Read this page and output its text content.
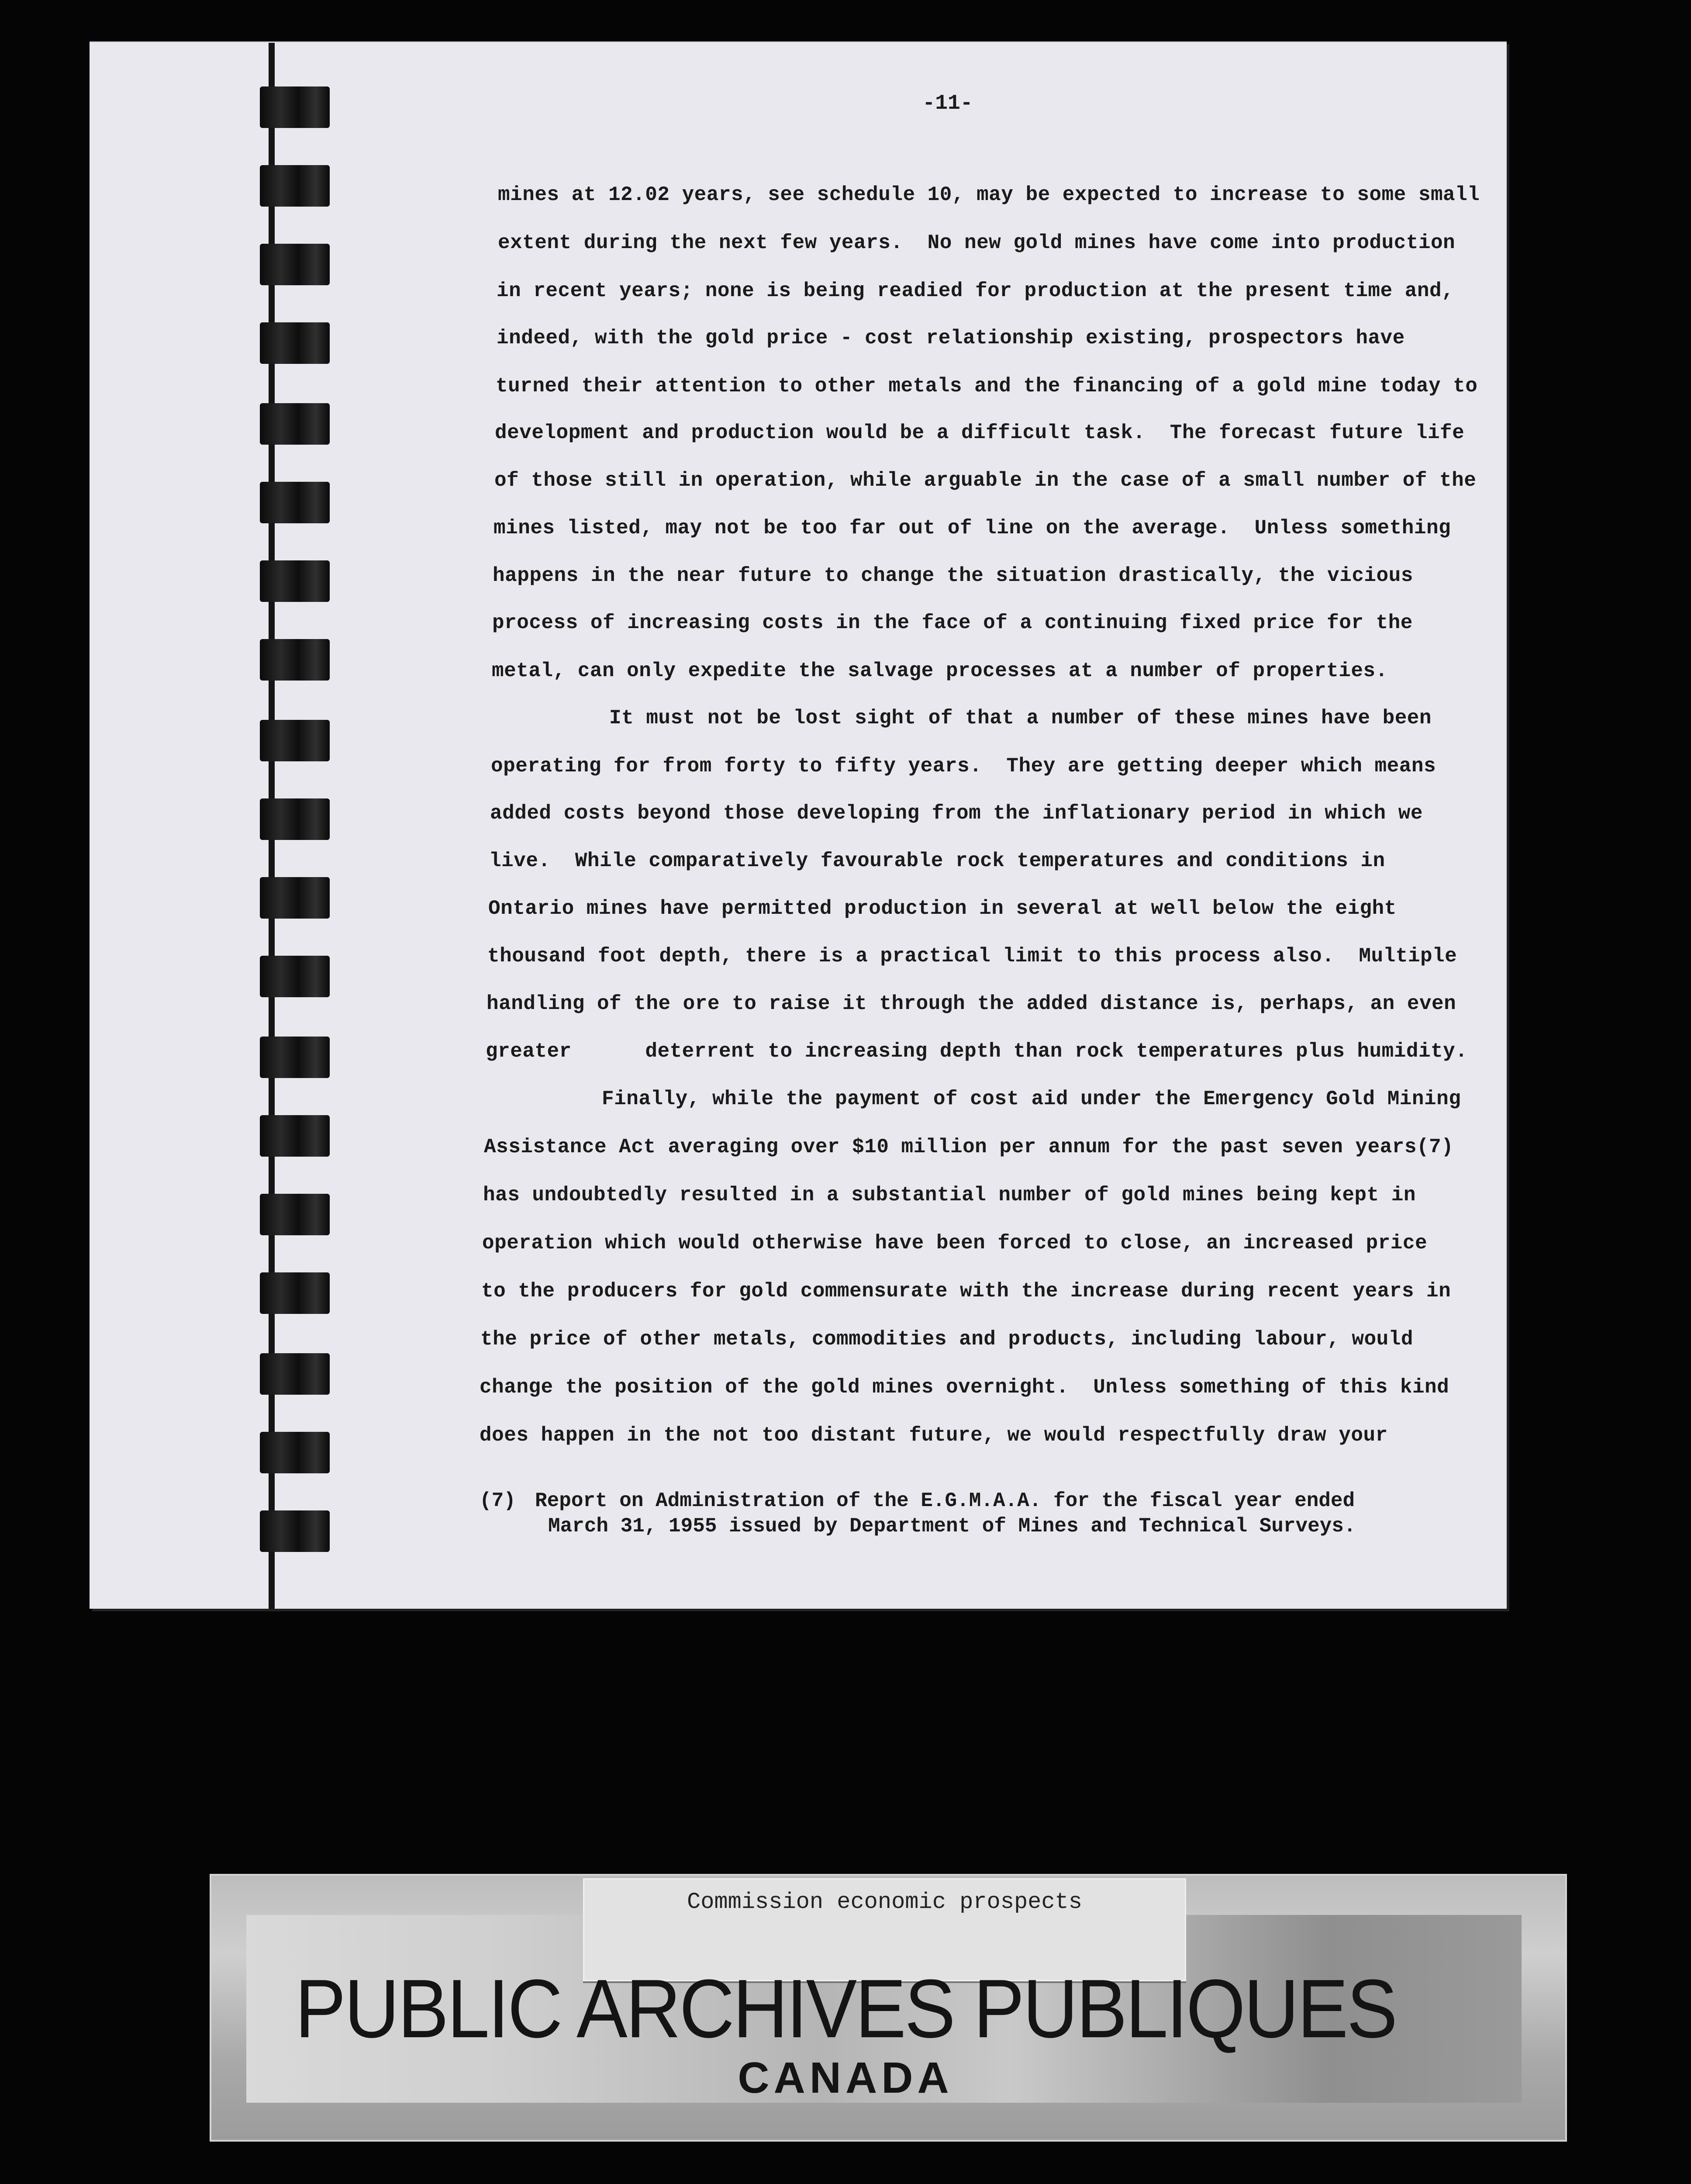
-11-
mines at 12.02 years, see schedule 10, may be expected to increase to some small
extent during the next few years.  No new gold mines have come into production
in recent years; none is being readied for production at the present time and,
indeed, with the gold price - cost relationship existing, prospectors have
turned their attention to other metals and the financing of a gold mine today to
development and production would be a difficult task.  The forecast future life
of those still in operation, while arguable in the case of a small number of the
mines listed, may not be too far out of line on the average.  Unless something
happens in the near future to change the situation drastically, the vicious
process of increasing costs in the face of a continuing fixed price for the
metal, can only expedite the salvage processes at a number of properties.
It must not be lost sight of that a number of these mines have been
operating for from forty to fifty years.  They are getting deeper which means
added costs beyond those developing from the inflationary period in which we
live.  While comparatively favourable rock temperatures and conditions in
Ontario mines have permitted production in several at well below the eight
thousand foot depth, there is a practical limit to this process also.  Multiple
handling of the ore to raise it through the added distance is, perhaps, an even
greater      deterrent to increasing depth than rock temperatures plus humidity.
Finally, while the payment of cost aid under the Emergency Gold Mining
Assistance Act averaging over $10 million per annum for the past seven years(7)
has undoubtedly resulted in a substantial number of gold mines being kept in
operation which would otherwise have been forced to close, an increased price
to the producers for gold commensurate with the increase during recent years in
the price of other metals, commodities and products, including labour, would
change the position of the gold mines overnight.  Unless something of this kind
does happen in the not too distant future, we would respectfully draw your
(7) Report on Administration of the E.G.M.A.A. for the fiscal year ended
March 31, 1955 issued by Department of Mines and Technical Surveys.
Commission economic prospects
PUBLIC ARCHIVES PUBLIQUES
CANADA
